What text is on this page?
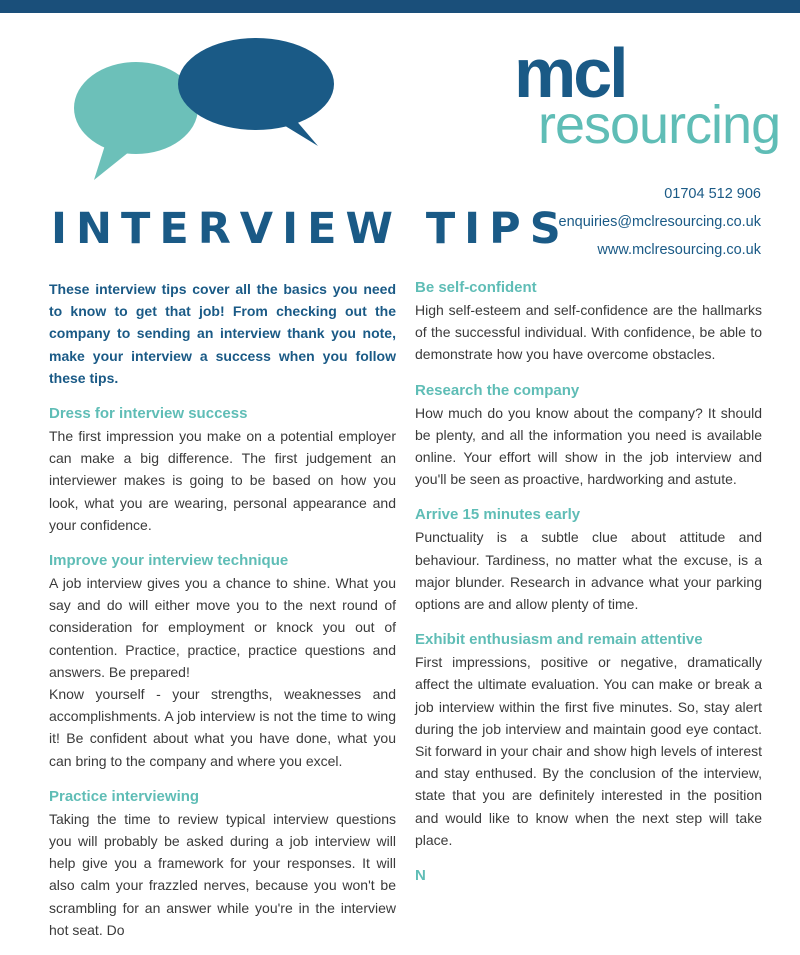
mcl
resourcing
01704 512 906
enquiries@mclresourcing.co.uk
www.mclresourcing.co.uk
INTERVIEW TIPS

These interview tips cover all the basics you need to know to get that job! From checking out the company to sending an interview thank you note, make your interview a success when you follow these tips.

Dress for interview success

The first impression you make on a potential employer can make a big difference. The first judgement an interviewer makes is going to be based on how you look, what you are wearing, personal appearance and your confidence.

Improve your interview technique

A job interview gives you a chance to shine. What you say and do will either move you to the next round of consideration for employment or knock you out of contention. Practice, practice, practice questions and answers. Be prepared!

Know yourself - your strengths, weaknesses and accomplishments. A job interview is not the time to wing it! Be confident about what you have done, what you can bring to the company and where you excel.

Practice interviewing

Taking the time to review typical interview questions you will probably be asked during a job interview will help give you a framework for your responses. It will also calm your frazzled nerves, because you won't be scrambling for an answer while you're in the interview hot seat. Do

Be self-confident

High self-esteem and self-confidence are the hallmarks of the successful individual. With confidence, be able to demonstrate how you have overcome obstacles.

Research the company

How much do you know about the company? It should be plenty, and all the information you need is available online. Your effort will show in the job interview and you'll be seen as proactive, hardworking and astute.

Arrive 15 minutes early

Punctuality is a subtle clue about attitude and behaviour. Tardiness, no matter what the excuse, is a major blunder. Research in advance what your parking options are and allow plenty of time.

Exhibit enthusiasm and remain attentive

First impressions, positive or negative, dramatically affect the ultimate evaluation. You can make or break a job interview within the first five minutes. So, stay alert during the job interview and maintain good eye contact. Sit forward in your chair and show high levels of interest and stay enthused. By the conclusion of the interview, state that you are definitely interested in the position and would like to know when the next step will take place.

N
